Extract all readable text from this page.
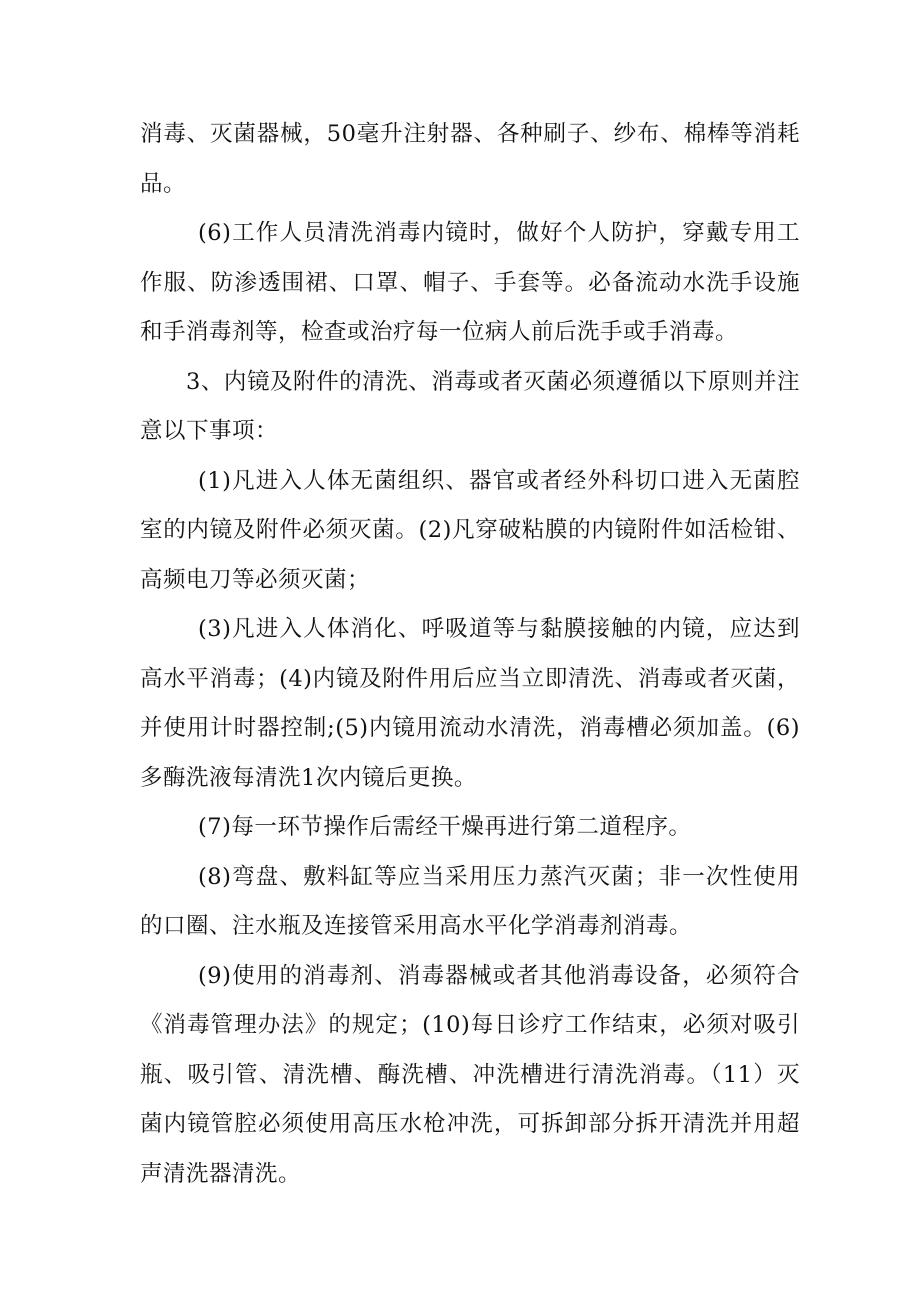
消毒、灭菌器械，50毫升注射器、各种刷子、纱布、棉棒等消耗
品。
(6)工作人员清洗消毒内镜时，做好个人防护，穿戴专用工
作服、防渗透围裙、口罩、帽子、手套等。必备流动水洗手设施
和手消毒剂等，检查或治疗每一位病人前后洗手或手消毒。
3、内镜及附件的清洗、消毒或者灭菌必须遵循以下原则并注
意以下事项：
(1)凡进入人体无菌组织、器官或者经外科切口进入无菌腔
室的内镜及附件必须灭菌。(2)凡穿破粘膜的内镜附件如活检钳、
高频电刀等必须灭菌；
(3)凡进入人体消化、呼吸道等与黏膜接触的内镜，应达到
高水平消毒；(4)内镜及附件用后应当立即清洗、消毒或者灭菌，
并使用计时器控制;(5)内镜用流动水清洗，消毒槽必须加盖。(6)
多酶洗液每清洗1次内镜后更换。
(7)每一环节操作后需经干燥再进行第二道程序。
(8)弯盘、敷料缸等应当采用压力蒸汽灭菌；非一次性使用
的口圈、注水瓶及连接管采用高水平化学消毒剂消毒。
(9)使用的消毒剂、消毒器械或者其他消毒设备，必须符合
《消毒管理办法》的规定；(10)每日诊疗工作结束，必须对吸引
瓶、吸引管、清洗槽、酶洗槽、冲洗槽进行清洗消毒。（11）灭
菌内镜管腔必须使用高压水枪冲洗，可拆卸部分拆开清洗并用超
声清洗器清洗。
